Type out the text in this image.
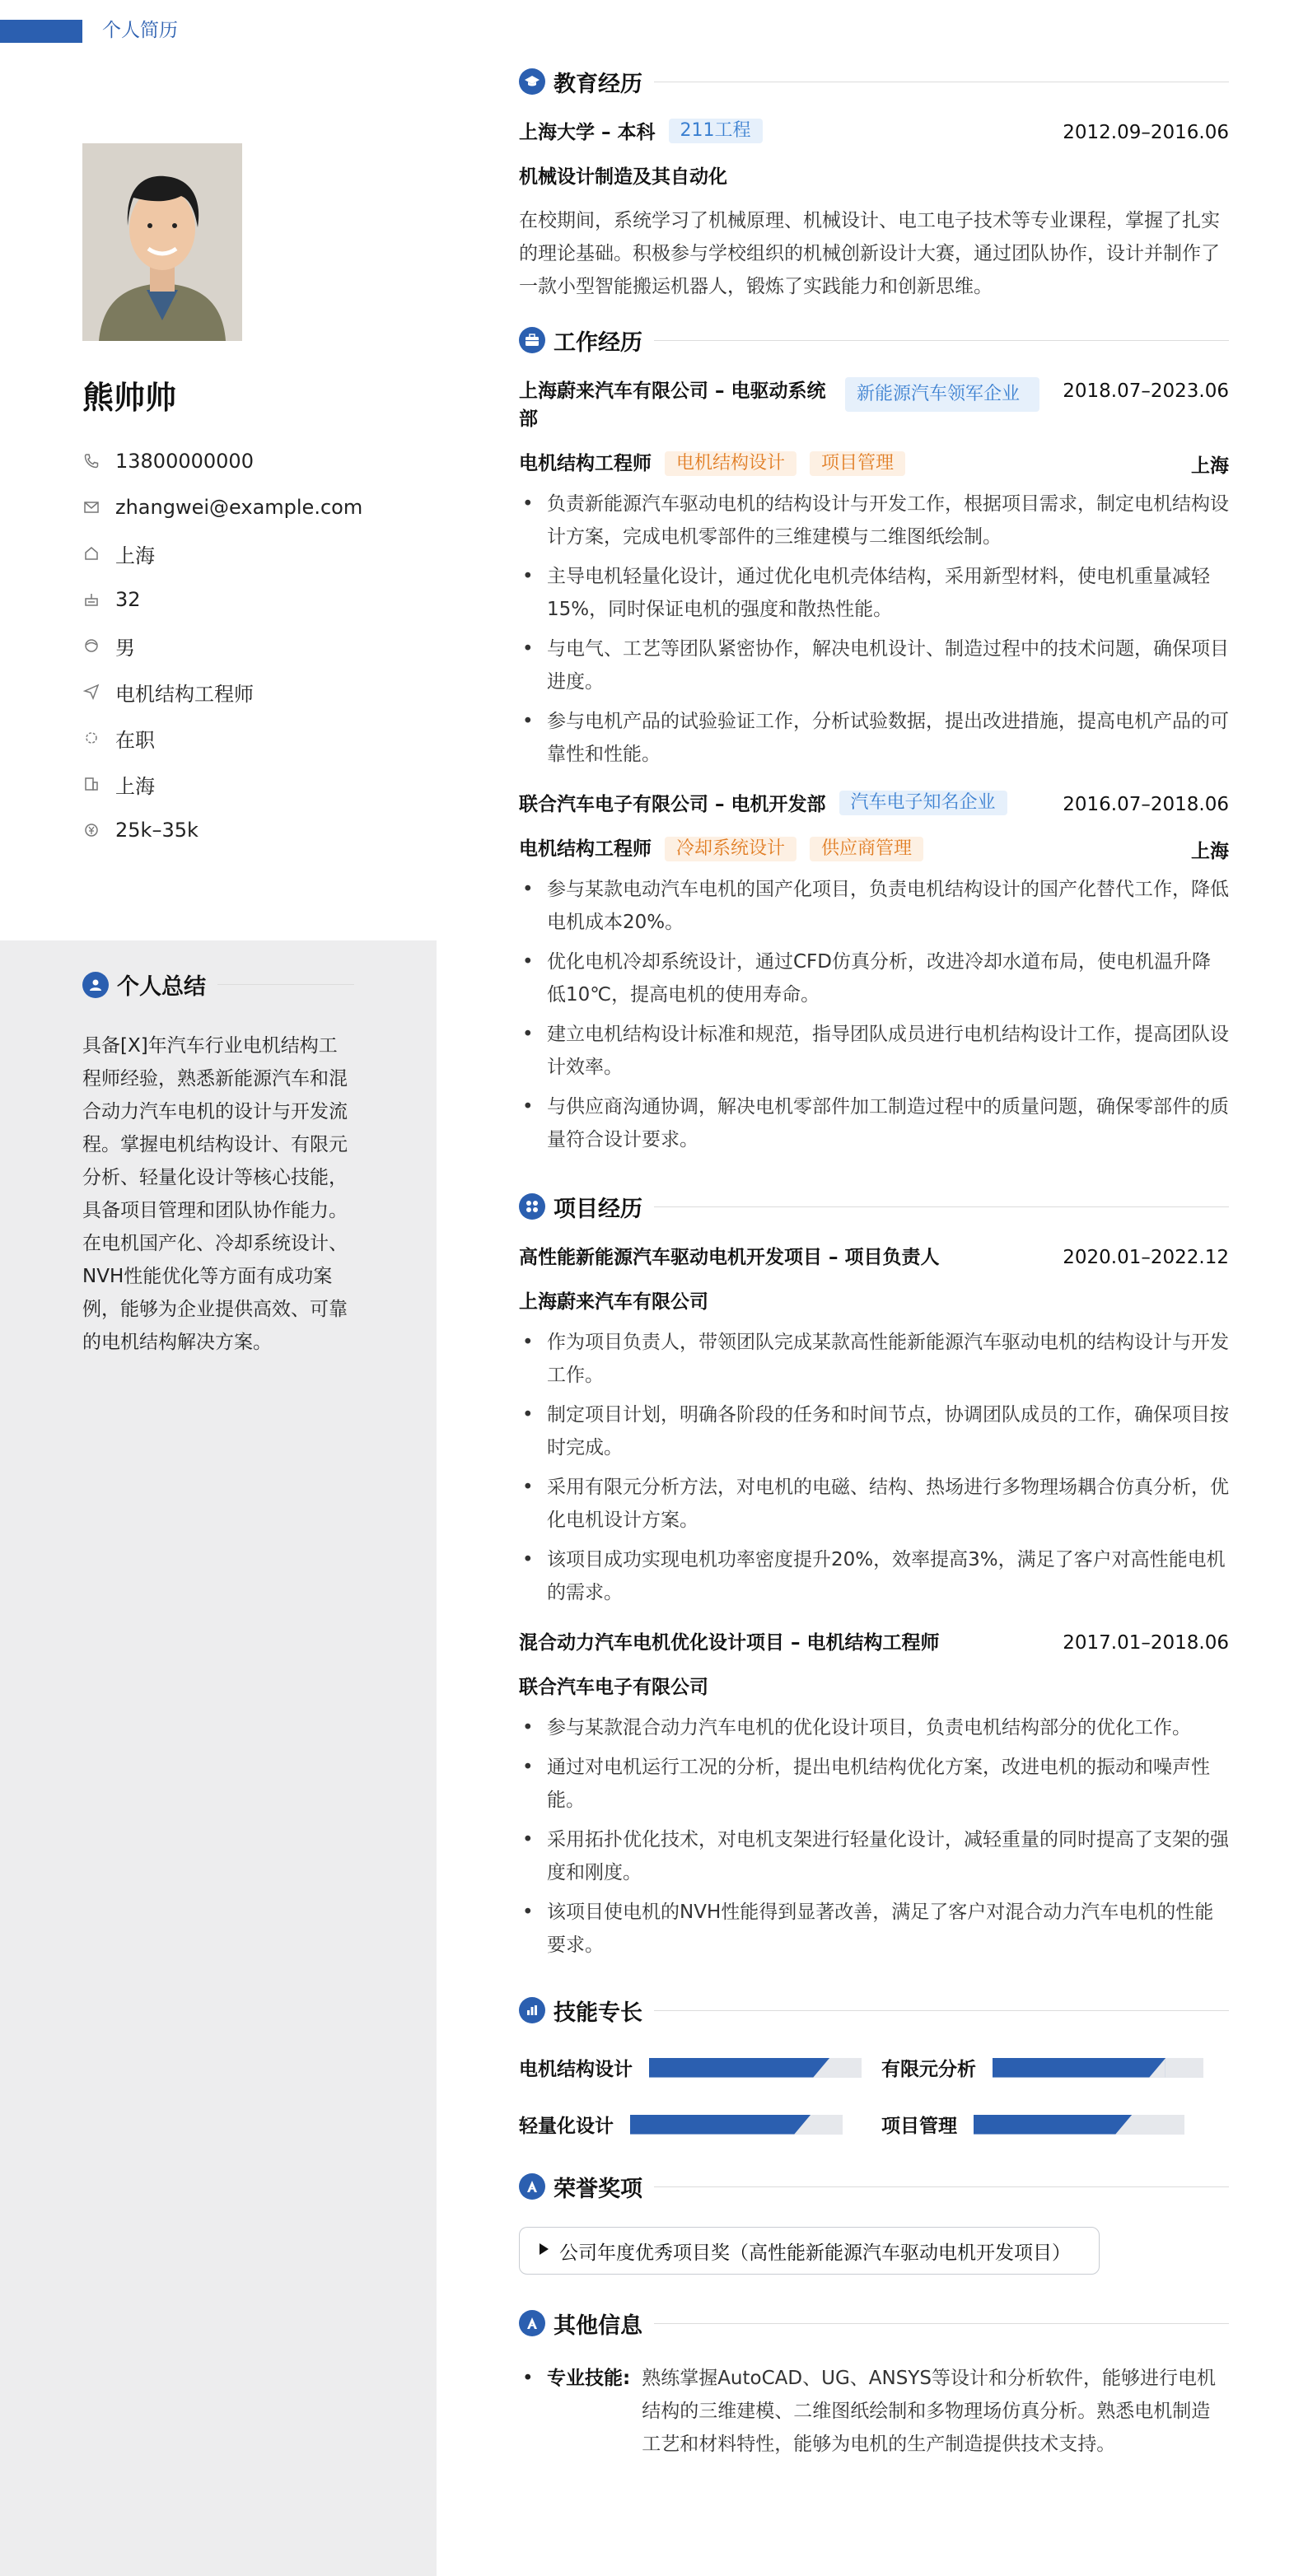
个人简历
熊帅帅
13800000000
zhangwei@example.com
上海
32
男
电机结构工程师
在职
上海
25k–35k
个人总结
具备[X]年汽车行业电机结构工程师经验，熟悉新能源汽车和混合动力汽车电机的设计与开发流程。掌握电机结构设计、有限元分析、轻量化设计等核心技能，具备项目管理和团队协作能力。在电机国产化、冷却系统设计、NVH性能优化等方面有成功案例，能够为企业提供高效、可靠的电机结构解决方案。
教育经历
上海大学 – 本科	211工程	2012.09–2016.06
机械设计制造及其自动化
在校期间，系统学习了机械原理、机械设计、电工电子技术等专业课程，掌握了扎实的理论基础。积极参与学校组织的机械创新设计大赛，通过团队协作，设计并制作了一款小型智能搬运机器人，锻炼了实践能力和创新思维。
工作经历
上海蔚来汽车有限公司 – 电驱动系统部
新能源汽车领军企业	2018.07–2023.06
电机结构工程师	电机结构设计	项目管理	上海
• 负责新能源汽车驱动电机的结构设计与开发工作，根据项目需求，制定电机结构设计方案，完成电机零部件的三维建模与二维图纸绘制。
• 主导电机轻量化设计，通过优化电机壳体结构，采用新型材料，使电机重量减轻15%，同时保证电机的强度和散热性能。
• 与电气、工艺等团队紧密协作，解决电机设计、制造过程中的技术问题，确保项目进度。
• 参与电机产品的试验验证工作，分析试验数据，提出改进措施，提高电机产品的可靠性和性能。
联合汽车电子有限公司 – 电机开发部	汽车电子知名企业	2016.07–2018.06
电机结构工程师	冷却系统设计	供应商管理	上海
• 参与某款电动汽车电机的国产化项目，负责电机结构设计的国产化替代工作，降低电机成本20%。
• 优化电机冷却系统设计，通过CFD仿真分析，改进冷却水道布局，使电机温升降低10℃，提高电机的使用寿命。
• 建立电机结构设计标准和规范，指导团队成员进行电机结构设计工作，提高团队设计效率。
• 与供应商沟通协调，解决电机零部件加工制造过程中的质量问题，确保零部件的质量符合设计要求。
项目经历
高性能新能源汽车驱动电机开发项目 – 项目负责人	2020.01–2022.12
上海蔚来汽车有限公司
• 作为项目负责人，带领团队完成某款高性能新能源汽车驱动电机的结构设计与开发工作。
• 制定项目计划，明确各阶段的任务和时间节点，协调团队成员的工作，确保项目按时完成。
• 采用有限元分析方法，对电机的电磁、结构、热场进行多物理场耦合仿真分析，优化电机设计方案。
• 该项目成功实现电机功率密度提升20%，效率提高3%，满足了客户对高性能电机的需求。
混合动力汽车电机优化设计项目 – 电机结构工程师	2017.01–2018.06
联合汽车电子有限公司
• 参与某款混合动力汽车电机的优化设计项目，负责电机结构部分的优化工作。
• 通过对电机运行工况的分析，提出电机结构优化方案，改进电机的振动和噪声性能。
• 采用拓扑优化技术，对电机支架进行轻量化设计，减轻重量的同时提高了支架的强度和刚度。
• 该项目使电机的NVH性能得到显著改善，满足了客户对混合动力汽车电机的性能要求。
技能专长
电机结构设计	有限元分析
轻量化设计	项目管理
荣誉奖项
公司年度优秀项目奖（高性能新能源汽车驱动电机开发项目）
其他信息
• 专业技能: 熟练掌握AutoCAD、UG、ANSYS等设计和分析软件，能够进行电机结构的三维建模、二维图纸绘制和多物理场仿真分析。熟悉电机制造工艺和材料特性，能够为电机的生产制造提供技术支持。
